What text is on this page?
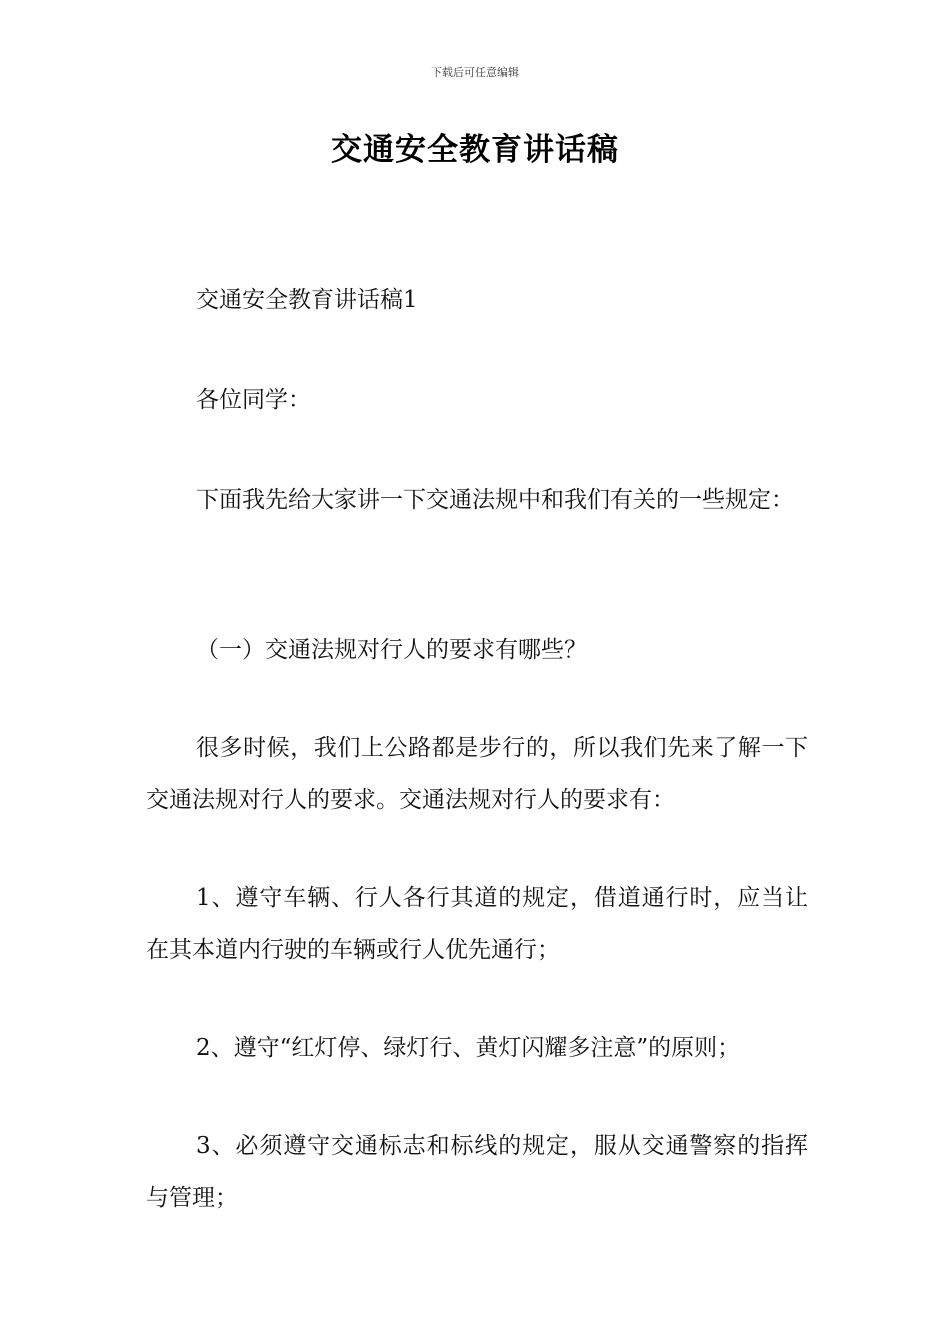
下载后可任意编辑
交通安全教育讲话稿

交通安全教育讲话稿1

各位同学：

下面我先给大家讲一下交通法规中和我们有关的一些规定：

（一）交通法规对行人的要求有哪些？

很多时候，我们上公路都是步行的，所以我们先来了解一下交通法规对行人的要求。交通法规对行人的要求有：

1、遵守车辆、行人各行其道的规定，借道通行时，应当让在其本道内行驶的车辆或行人优先通行；

2、遵守“红灯停、绿灯行、黄灯闪耀多注意”的原则；

3、必须遵守交通标志和标线的规定，服从交通警察的指挥与管理；
